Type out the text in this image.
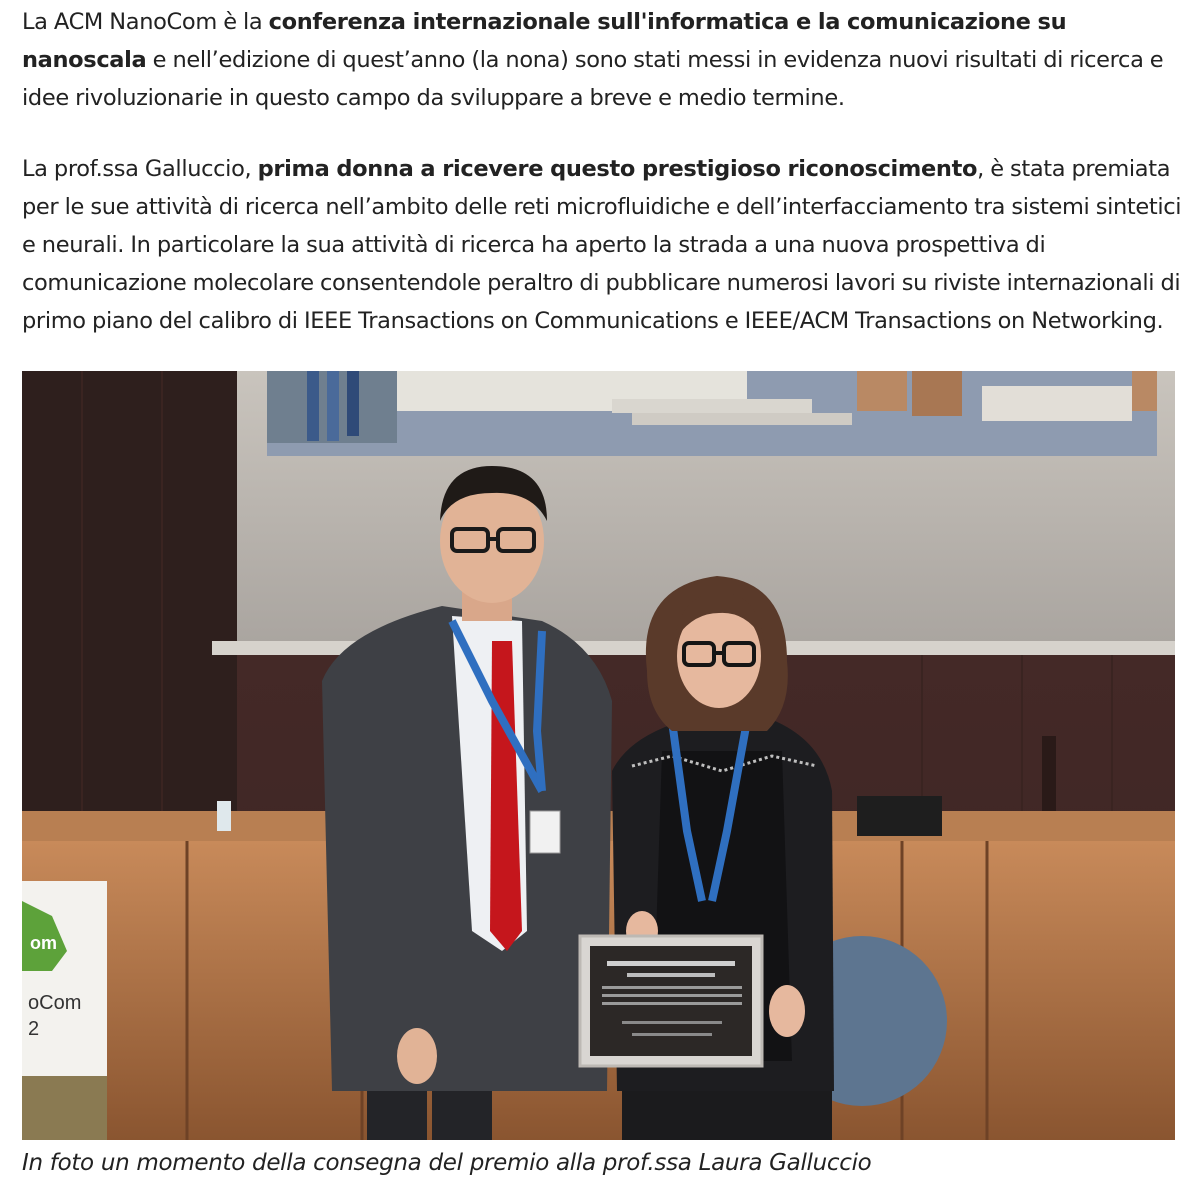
La ACM NanoCom è la conferenza internazionale sull'informatica e la comunicazione su nanoscala e nell’edizione di quest’anno (la nona) sono stati messi in evidenza nuovi risultati di ricerca e idee rivoluzionarie in questo campo da sviluppare a breve e medio termine.

La prof.ssa Galluccio, prima donna a ricevere questo prestigioso riconoscimento, è stata premiata per le sue attività di ricerca nell’ambito delle reti microfluidiche e dell’interfacciamento tra sistemi sintetici e neurali. In particolare la sua attività di ricerca ha aperto la strada a una nuova prospettiva di comunicazione molecolare consentendole peraltro di pubblicare numerosi lavori su riviste internazionali di primo piano del calibro di IEEE Transactions on Communications e IEEE/ACM Transactions on Networking.

om
oCom
2
In foto un momento della consegna del premio alla prof.ssa Laura Galluccio
